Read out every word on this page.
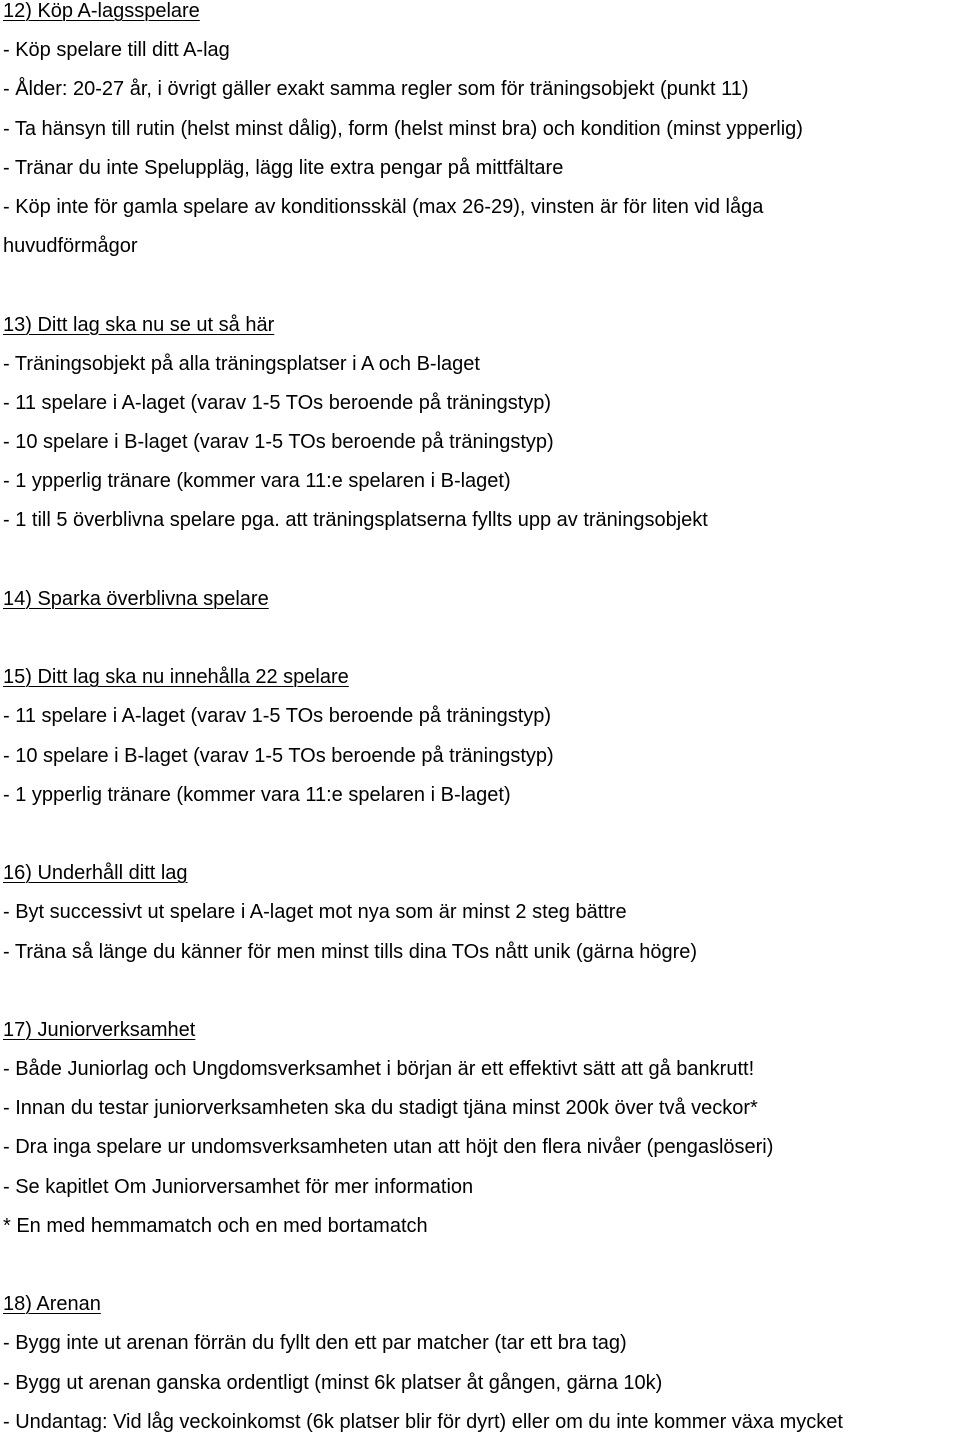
12) Köp A-lagsspelare
- Köp spelare till ditt A-lag
- Ålder: 20-27 år, i övrigt gäller exakt samma regler som för träningsobjekt (punkt 11)
- Ta hänsyn till rutin (helst minst dålig), form (helst minst bra) och kondition (minst ypperlig)
- Tränar du inte Speluppläg, lägg lite extra pengar på mittfältare
- Köp inte för gamla spelare av konditionsskäl (max 26-29), vinsten är för liten vid låga
huvudförmågor
13) Ditt lag ska nu se ut så här
- Träningsobjekt på alla träningsplatser i A och B-laget
- 11 spelare i A-laget (varav 1-5 TOs beroende på träningstyp)
- 10 spelare i B-laget (varav 1-5 TOs beroende på träningstyp)
- 1 ypperlig tränare (kommer vara 11:e spelaren i B-laget)
- 1 till 5 överblivna spelare pga. att träningsplatserna fyllts upp av träningsobjekt
14) Sparka överblivna spelare
15) Ditt lag ska nu innehålla 22 spelare
- 11 spelare i A-laget (varav 1-5 TOs beroende på träningstyp)
- 10 spelare i B-laget (varav 1-5 TOs beroende på träningstyp)
- 1 ypperlig tränare (kommer vara 11:e spelaren i B-laget)
16) Underhåll ditt lag
- Byt successivt ut spelare i A-laget mot nya som är minst 2 steg bättre
- Träna så länge du känner för men minst tills dina TOs nått unik (gärna högre)
17) Juniorverksamhet
- Både Juniorlag och Ungdomsverksamhet i början är ett effektivt sätt att gå bankrutt!
- Innan du testar juniorverksamheten ska du stadigt tjäna minst 200k över två veckor*
- Dra inga spelare ur undomsverksamheten utan att höjt den flera nivåer (pengaslöseri)
- Se kapitlet Om Juniorversamhet för mer information
* En med hemmamatch och en med bortamatch
18) Arenan
- Bygg inte ut arenan förrän du fyllt den ett par matcher (tar ett bra tag)
- Bygg ut arenan ganska ordentligt (minst 6k platser åt gången, gärna 10k)
- Undantag: Vid låg veckoinkomst (6k platser blir för dyrt) eller om du inte kommer växa mycket
